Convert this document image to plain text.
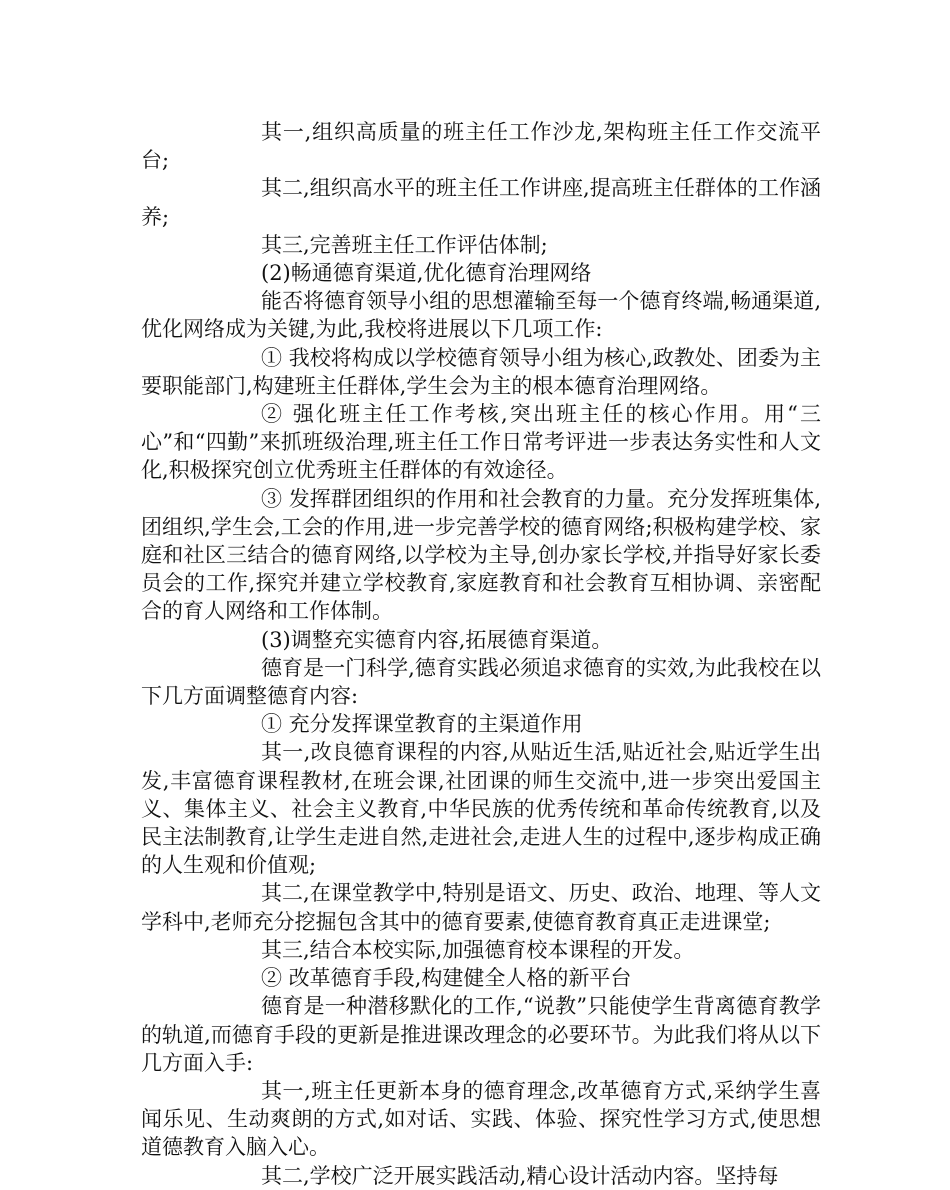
其一,组织高质量的班主任工作沙龙,架构班主任工作交流平台;

其二,组织高水平的班主任工作讲座,提高班主任群体的工作涵养;

其三,完善班主任工作评估体制;

(2)畅通德育渠道,优化德育治理网络

能否将德育领导小组的思想灌输至每一个德育终端,畅通渠道,优化网络成为关键,为此,我校将进展以下几项工作:

① 我校将构成以学校德育领导小组为核心,政教处、团委为主要职能部门,构建班主任群体,学生会为主的根本德育治理网络。

② 强化班主任工作考核,突出班主任的核心作用。用“三心”和“四勤”来抓班级治理,班主任工作日常考评进一步表达务实性和人文化,积极探究创立优秀班主任群体的有效途径。

③ 发挥群团组织的作用和社会教育的力量。充分发挥班集体,团组织,学生会,工会的作用,进一步完善学校的德育网络;积极构建学校、家庭和社区三结合的德育网络,以学校为主导,创办家长学校,并指导好家长委员会的工作,探究并建立学校教育,家庭教育和社会教育互相协调、亲密配合的育人网络和工作体制。

(3)调整充实德育内容,拓展德育渠道。

德育是一门科学,德育实践必须追求德育的实效,为此我校在以下几方面调整德育内容:

① 充分发挥课堂教育的主渠道作用

其一,改良德育课程的内容,从贴近生活,贴近社会,贴近学生出发,丰富德育课程教材,在班会课,社团课的师生交流中,进一步突出爱国主义、集体主义、社会主义教育,中华民族的优秀传统和革命传统教育,以及民主法制教育,让学生走进自然,走进社会,走进人生的过程中,逐步构成正确的人生观和价值观;

其二,在课堂教学中,特别是语文、历史、政治、地理、等人文学科中,老师充分挖掘包含其中的德育要素,使德育教育真正走进课堂;

其三,结合本校实际,加强德育校本课程的开发。

② 改革德育手段,构建健全人格的新平台

德育是一种潜移默化的工作,“说教”只能使学生背离德育教学的轨道,而德育手段的更新是推进课改理念的必要环节。为此我们将从以下几方面入手:

其一,班主任更新本身的德育理念,改革德育方式,采纳学生喜闻乐见、生动爽朗的方式,如对话、实践、体验、探究性学习方式,使思想道德教育入脑入心。

其二,学校广泛开展实践活动,精心设计活动内容。坚持每
